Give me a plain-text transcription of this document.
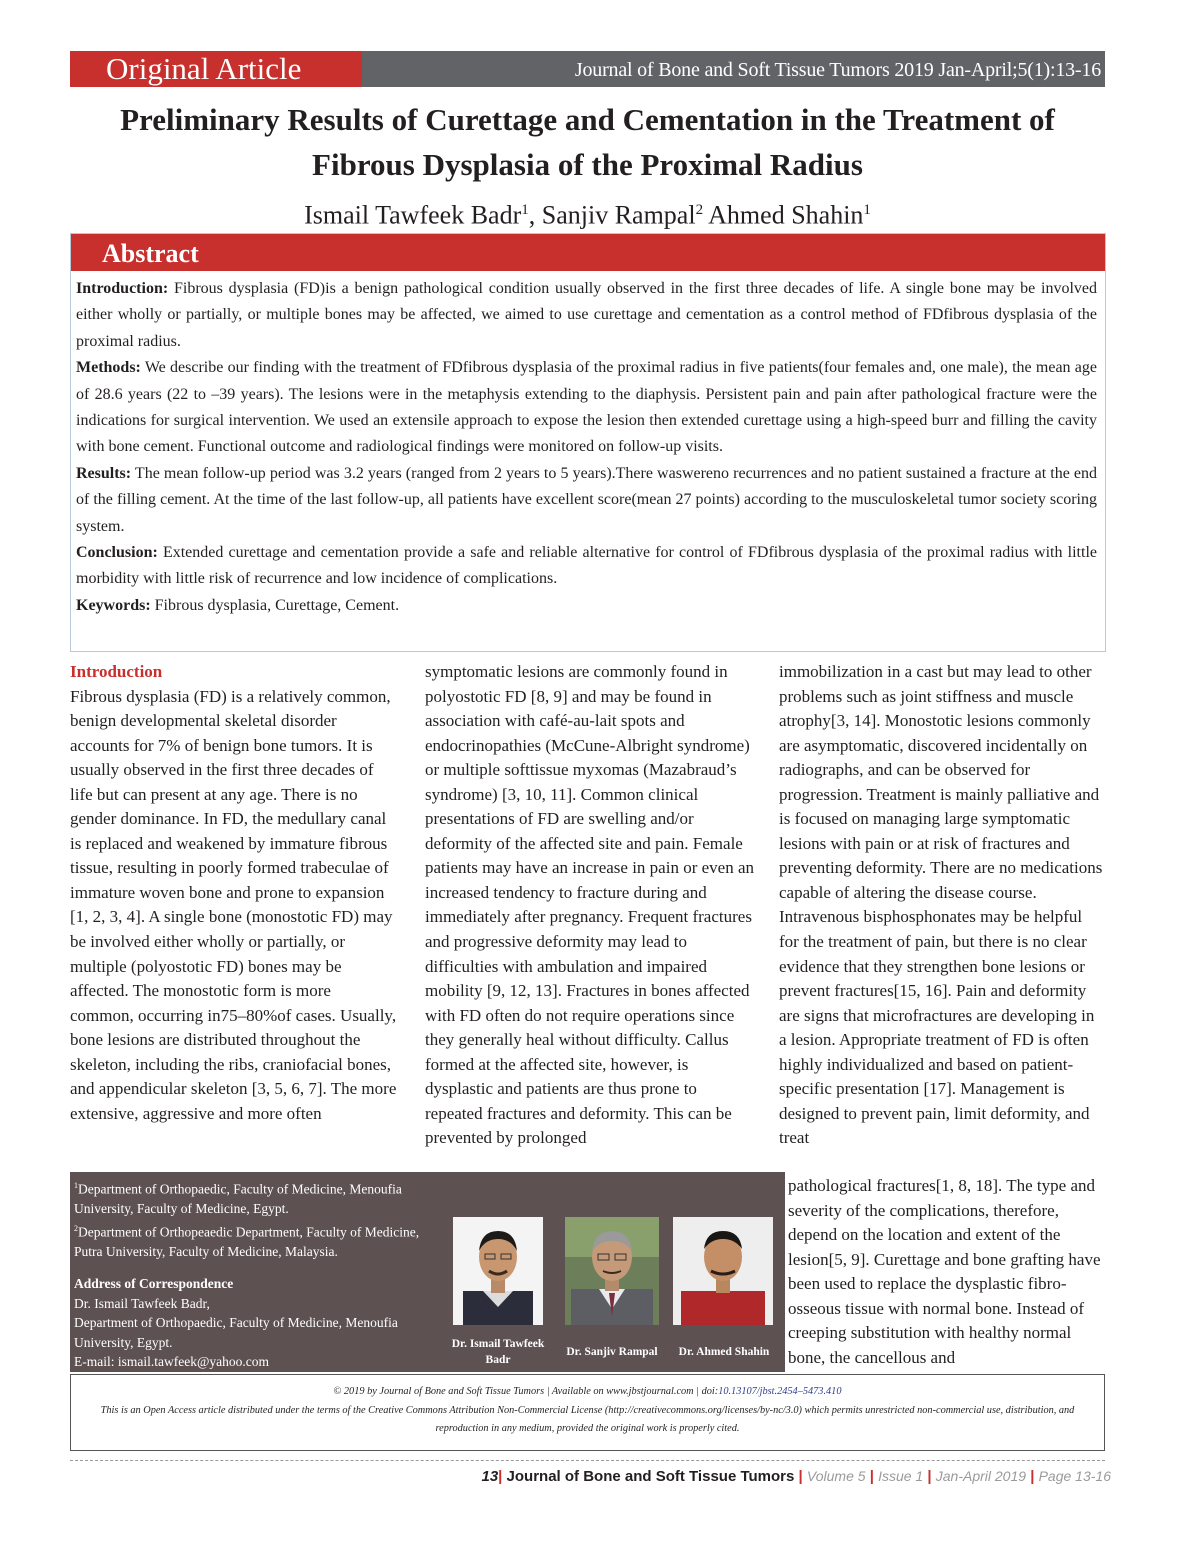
Original Article	Journal of Bone and Soft Tissue Tumors 2019 Jan-April;5(1):13-16
Preliminary Results of Curettage and Cementation in the Treatment of Fibrous Dysplasia of the Proximal Radius
Ismail Tawfeek Badr$^1$, Sanjiv Rampal$^2$ Ahmed Shahin$^1$
Abstract

Introduction: Fibrous dysplasia (FD)is a benign pathological condition usually observed in the first three decades of life. A single bone may be involved either wholly or partially, or multiple bones may be affected, we aimed to use curettage and cementation as a control method of FDfibrous dysplasia of the proximal radius.

Methods: We describe our finding with the treatment of FDfibrous dysplasia of the proximal radius in five patients(four females and, one male), the mean age of 28.6 years (22 to –39 years). The lesions were in the metaphysis extending to the diaphysis. Persistent pain and pain after pathological fracture were the indications for surgical intervention. We used an extensile approach to expose the lesion then extended curettage using a high-speed burr and filling the cavity with bone cement. Functional outcome and radiological findings were monitored on follow-up visits.

Results: The mean follow-up period was 3.2 years (ranged from 2 years to 5 years).There waswereno recurrences and no patient sustained a fracture at the end of the filling cement. At the time of the last follow-up, all patients have excellent score(mean 27 points) according to the musculoskeletal tumor society scoring system.

Conclusion: Extended curettage and cementation provide a safe and reliable alternative for control of FDfibrous dysplasia of the proximal radius with little morbidity with little risk of recurrence and low incidence of complications.

Keywords: Fibrous dysplasia, Curettage, Cement.

Introduction
Fibrous dysplasia (FD) is a relatively common, benign developmental skeletal disorder accounts for 7% of benign bone tumors. It is usually observed in the first three decades of life but can present at any age. There is no gender dominance. In FD, the medullary canal is replaced and weakened by immature fibrous tissue, resulting in poorly formed trabeculae of immature woven bone and prone to expansion [1, 2, 3, 4]. A single bone (monostotic FD) may be involved either wholly or partially, or multiple (polyostotic FD) bones may be affected. The monostotic form is more common, occurring in75–80%of cases. Usually, bone lesions are distributed throughout the skeleton, including the ribs, craniofacial bones, and appendicular skeleton [3, 5, 6, 7]. The more extensive, aggressive and more often
symptomatic lesions are commonly found in polyostotic FD [8, 9] and may be found in association with café-au-lait spots and endocrinopathies (McCune-Albright syndrome) or multiple softtissue myxomas (Mazabraud’s syndrome) [3, 10, 11]. Common clinical presentations of FD are swelling and/or deformity of the affected site and pain. Female patients may have an increase in pain or even an increased tendency to fracture during and immediately after pregnancy. Frequent fractures and progressive deformity may lead to difficulties with ambulation and impaired mobility [9, 12, 13]. Fractures in bones affected with FD often do not require operations since they generally heal without difficulty. Callus formed at the affected site, however, is dysplastic and patients are thus prone to repeated fractures and deformity. This can be prevented by prolonged
immobilization in a cast but may lead to other problems such as joint stiffness and muscle atrophy[3, 14]. Monostotic lesions commonly are asymptomatic, discovered incidentally on radiographs, and can be observed for progression. Treatment is mainly palliative and is focused on managing large symptomatic lesions with pain or at risk of fractures and preventing deformity. There are no medications capable of altering the disease course. Intravenous bisphosphonates may be helpful for the treatment of pain, but there is no clear evidence that they strengthen bone lesions or prevent fractures[15, 16]. Pain and deformity are signs that microfractures are developing in a lesion. Appropriate treatment of FD is often highly individualized and based on patient-specific presentation [17]. Management is designed to prevent pain, limit deformity, and treat
pathological fractures[1, 8, 18]. The type and severity of the complications, therefore, depend on the location and extent of the lesion[5, 9]. Curettage and bone grafting have been used to replace the dysplastic fibro-osseous tissue with normal bone. Instead of creeping substitution with healthy normal bone, the cancellous and
$^1$Department of Orthopaedic, Faculty of Medicine, Menoufia University, Faculty of Medicine, Egypt.
$^2$Department of Orthopeaedic Department, Faculty of Medicine, Putra University, Faculty of Medicine, Malaysia.
Address of Correspondence
Dr. Ismail Tawfeek Badr,
Department of Orthopaedic, Faculty of Medicine, Menoufia University, Egypt.
E-mail: ismail.tawfeek@yahoo.com
Dr. Ismail Tawfeek
Badr
Dr. Sanjiv Rampal	Dr. Ahmed Shahin
© 2019 by Journal of Bone and Soft Tissue Tumors | Available on www.jbstjournal.com | doi:10.13107/jbst.2454–5473.410
This is an Open Access article distributed under the terms of the Creative Commons Attribution Non-Commercial License (http://creativecommons.org/licenses/by-nc/3.0) which permits unrestricted non-commercial use, distribution, and reproduction in any medium, provided the original work is properly cited.
13| Journal of Bone and Soft Tissue Tumors | Volume 5 | Issue 1 | Jan-April 2019 | Page 13-16
